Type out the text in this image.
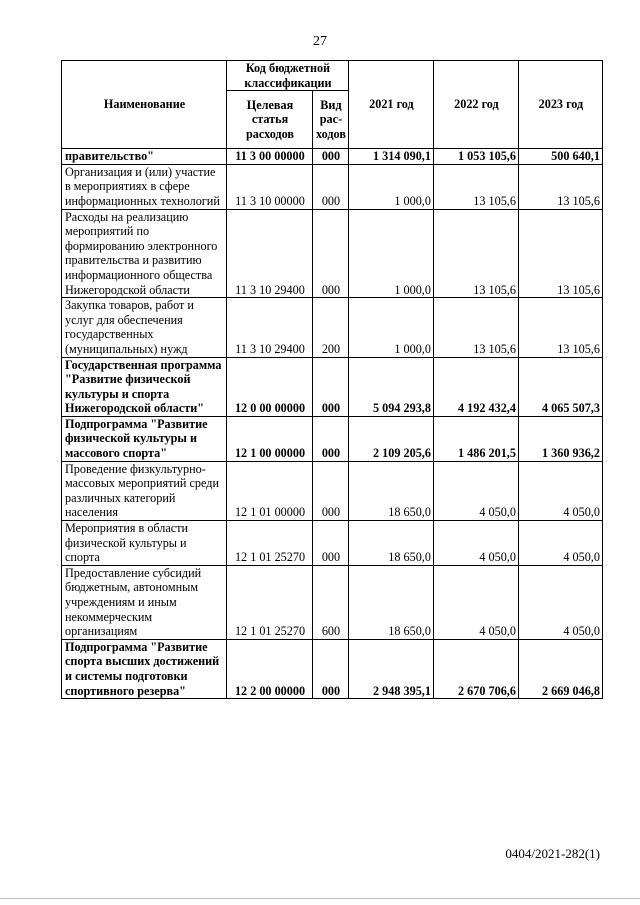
27
Наименование	Код бюджетной классификации		2021 год	2022 год	2023 год
	Целевая статья расходов	Вид рас-ходов			
правительство"	11 3 00 00000	000	1 314 090,1	1 053 105,6	500 640,1
Организация и (или) участие в мероприятиях в сфере информационных технологий	11 3 10 00000	000	1 000,0	13 105,6	13 105,6
Расходы на реализацию мероприятий по формированию электронного правительства и развитию информационного общества Нижегородской области	11 3 10 29400	000	1 000,0	13 105,6	13 105,6
Закупка товаров, работ и услуг для обеспечения государственных (муниципальных) нужд	11 3 10 29400	200	1 000,0	13 105,6	13 105,6
Государственная программа "Развитие физической культуры и спорта Нижегородской области"	12 0 00 00000	000	5 094 293,8	4 192 432,4	4 065 507,3
Подпрограмма "Развитие физической культуры и массового спорта"	12 1 00 00000	000	2 109 205,6	1 486 201,5	1 360 936,2
Проведение физкультурно-массовых мероприятий среди различных категорий населения	12 1 01 00000	000	18 650,0	4 050,0	4 050,0
Мероприятия в области физической культуры и спорта	12 1 01 25270	000	18 650,0	4 050,0	4 050,0
Предоставление субсидий бюджетным, автономным учреждениям и иным некоммерческим организациям	12 1 01 25270	600	18 650,0	4 050,0	4 050,0
Подпрограмма "Развитие спорта высших достижений и системы подготовки спортивного резерва"	12 2 00 00000	000	2 948 395,1	2 670 706,6	2 669 046,8
0404/2021-282(1)
